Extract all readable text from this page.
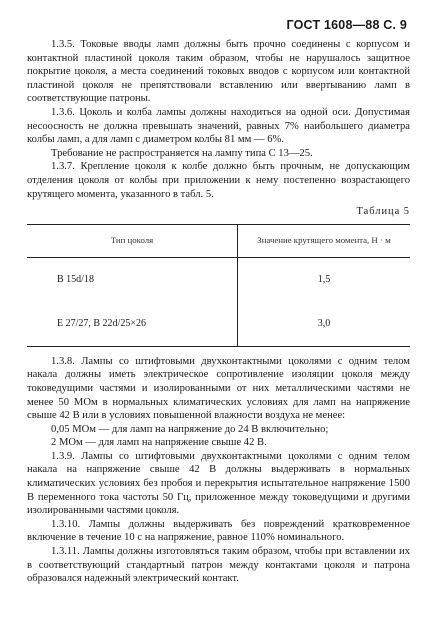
ГОСТ 1608—88 С. 9

1.3.5. Токовые вводы ламп должны быть прочно соединены с корпусом и контактной пластиной цоколя таким образом, чтобы не нарушалось защитное покрытие цоколя, а места соединений токовых вводов с корпусом или контактной пластиной цоколя не препятствовали вставлению или ввертыванию ламп в соответствующие патроны.

1.3.6. Цоколь и колба лампы должны находиться на одной оси. Допустимая несоосность не должна превышать значений, равных 7% наибольшего диаметра колбы ламп, а для ламп с диаметром колбы 81 мм — 6%.

Требование не распространяется на лампу типа С 13—25.

1.3.7. Крепление цоколя к колбе должно быть прочным, не допускающим отделения цоколя от колбы при приложении к нему постепенно возрастающего крутящего момента, указанного в табл. 5.

Таблица 5
Тип цоколя	Значение крутящего момента, Н · м
В 15d/18	1,5
Е 27/27, В 22d/25×26	3,0

1.3.8. Лампы со штифтовыми двухконтактными цоколями с одним телом накала должны иметь электрическое сопротивление изоляции цоколя между токоведущими частями и изолированными от них металлическими частями не менее 50 МОм в нормальных климатических условиях для ламп на напряжение свыше 42 В или в условиях повышенной влажности воздуха не менее:

0,05 МОм — для ламп на напряжение до 24 В включительно;

2 МОм — для ламп на напряжение свыше 42 В.

1.3.9. Лампы со штифтовыми двухконтактными цоколями с одним телом накала на напряжение свыше 42 В должны выдерживать в нормальных климатических условиях без пробоя и перекрытия испытательное напряжение 1500 В переменного тока частоты 50 Гц, приложенное между токоведущими и другими изолированными частями цоколя.

1.3.10. Лампы должны выдерживать без повреждений кратковременное включение в течение 10 с на напряжение, равное 110% номинального.

1.3.11. Лампы должны изготовляться таким образом, чтобы при вставлении их в соответствующий стандартный патрон между контактами цоколя и патрона образовался надежный электрический контакт.
